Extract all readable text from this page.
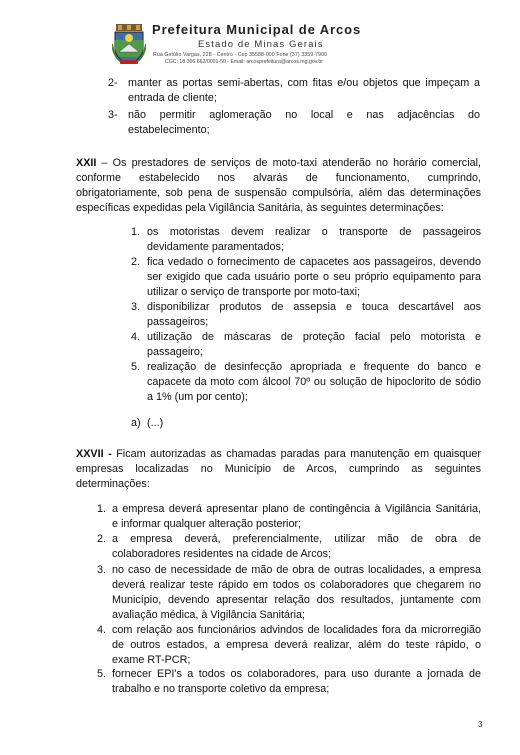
Prefeitura Municipal de Arcos
Estado de Minas Gerais
Rua Getúlio Vargas, 228 - Centro - Cep 35588-000 Fone (37) 3359-7900
CGC: 18.306.662/0001-50 - Email: arcosprefeitura@arcos.mg.gov.br
2- manter as portas semi-abertas, com fitas e/ou objetos que impeçam a
entrada de cliente;
3- não permitir aglomeração no local e nas adjacências do
estabelecimento;
XXII – Os prestadores de serviços de moto-taxi atenderão no horário comercial,
conforme estabelecido nos alvarás de funcionamento, cumprindo,
obrigatoriamente, sob pena de suspensão compulsória, além das determinações
específicas expedidas pela Vigilância Sanitária, às seguintes determinações:
1. os motoristas devem realizar o transporte de passageiros
devidamente paramentados;
2. fica vedado o fornecimento de capacetes aos passageiros, devendo
ser exigido que cada usuário porte o seu próprio equipamento para
utilizar o serviço de transporte por moto-taxi;
3. disponibilizar produtos de assepsia e touca descartável aos
passageiros;
4. utilização de máscaras de proteção facial pelo motorista e
passageiro;
5. realização de desinfecção apropriada e frequente do banco e
capacete da moto com álcool 70º ou solução de hipoclorito de sódio
a 1% (um por cento);
a) (...)
XXVII - Ficam autorizadas as chamadas paradas para manutenção em quaisquer
empresas localizadas no Município de Arcos, cumprindo as seguintes
determinações:
1. a empresa deverá apresentar plano de contingência à Vigilância Sanitária,
e informar qualquer alteração posterior;
2. a empresa deverá, preferencialmente, utilizar mão de obra de
colaboradores residentes na cidade de Arcos;
3. no caso de necessidade de mão de obra de outras localidades, a empresa
deverá realizar teste rápido em todos os colaboradores que chegarem no
Município, devendo apresentar relação dos resultados, juntamente com
avaliação médica, à Vigilância Sanitária;
4. com relação aos funcionários advindos de localidades fora da microrregião
de outros estados, a empresa deverá realizar, além do teste rápido, o
exame RT-PCR;
5. fornecer EPI's a todos os colaboradores, para uso durante a jornada de
trabalho e no transporte coletivo da empresa;
3
